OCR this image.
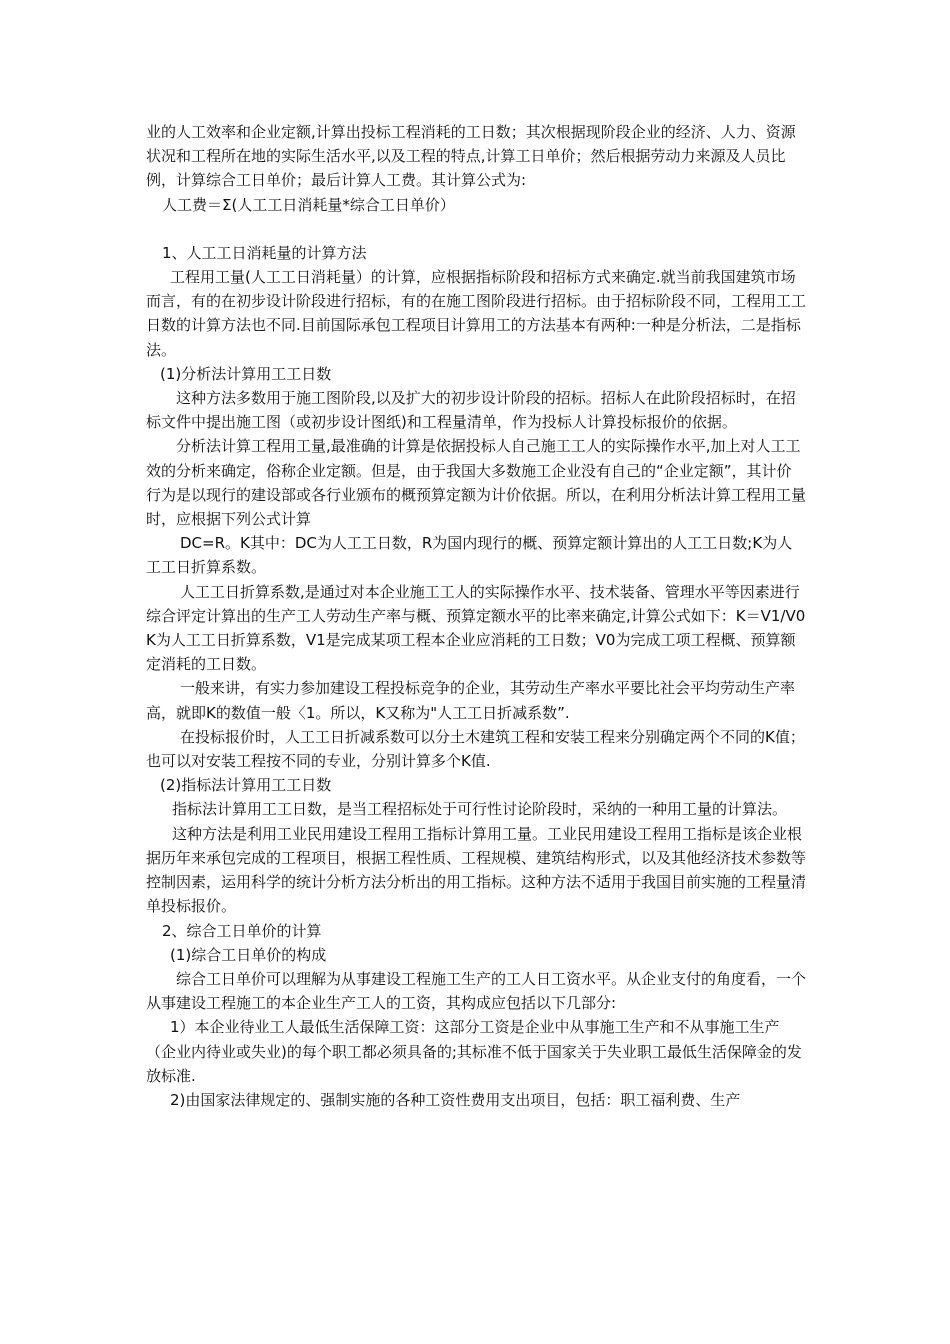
业的人工效率和企业定额,计算出投标工程消耗的工日数；其次根据现阶段企业的经济、人力、资源状况和工程所在地的实际生活水平,以及工程的特点,计算工日单价；然后根据劳动力来源及人员比例，计算综合工日单价；最后计算人工费。其计算公式为:

人工费＝Σ(人工工日消耗量*综合工日单价）

1、人工工日消耗量的计算方法

工程用工量(人工工日消耗量）的计算，应根据指标阶段和招标方式来确定.就当前我国建筑市场而言，有的在初步设计阶段进行招标，有的在施工图阶段进行招标。由于招标阶段不同，工程用工工日数的计算方法也不同.目前国际承包工程项目计算用工的方法基本有两种:一种是分析法，二是指标法。

(1)分析法计算用工工日数

这种方法多数用于施工图阶段,以及扩大的初步设计阶段的招标。招标人在此阶段招标时，在招标文件中提出施工图（或初步设计图纸)和工程量清单，作为投标人计算投标报价的依据。

分析法计算工程用工量,最准确的计算是依据投标人自己施工工人的实际操作水平,加上对人工工效的分析来确定，俗称企业定额。但是，由于我国大多数施工企业没有自己的“企业定额”，其计价行为是以现行的建设部或各行业颁布的概预算定额为计价依据。所以，在利用分析法计算工程用工量时，应根据下列公式计算

DC=R。K其中：DC为人工工日数，R为国内现行的概、预算定额计算出的人工工日数;K为人工工日折算系数。

人工工日折算系数,是通过对本企业施工工人的实际操作水平、技术装备、管理水平等因素进行综合评定计算出的生产工人劳动生产率与概、预算定额水平的比率来确定,计算公式如下：K＝V1/V0

K为人工工日折算系数，V1是完成某项工程本企业应消耗的工日数；V0为完成工项工程概、预算额定消耗的工日数。

一般来讲，有实力参加建设工程投标竞争的企业，其劳动生产率水平要比社会平均劳动生产率高，就即K的数值一般〈1。所以，K又称为"人工工日折减系数”.

在投标报价时，人工工日折减系数可以分土木建筑工程和安装工程来分别确定两个不同的K值；也可以对安装工程按不同的专业，分别计算多个K值.

(2)指标法计算用工工日数

指标法计算用工工日数，是当工程招标处于可行性讨论阶段时，采纳的一种用工量的计算法。

这种方法是利用工业民用建设工程用工指标计算用工量。工业民用建设工程用工指标是该企业根据历年来承包完成的工程项目，根据工程性质、工程规模、建筑结构形式，以及其他经济技术参数等控制因素，运用科学的统计分析方法分析出的用工指标。这种方法不适用于我国目前实施的工程量清单投标报价。

2、综合工日单价的计算

(1)综合工日单价的构成

综合工日单价可以理解为从事建设工程施工生产的工人日工资水平。从企业支付的角度看，一个从事建设工程施工的本企业生产工人的工资，其构成应包括以下几部分:

1）本企业待业工人最低生活保障工资：这部分工资是企业中从事施工生产和不从事施工生产（企业内待业或失业)的每个职工都必须具备的;其标准不低于国家关于失业职工最低生活保障金的发放标准.

2)由国家法律规定的、强制实施的各种工资性费用支出项目，包括：职工福利费、生产
